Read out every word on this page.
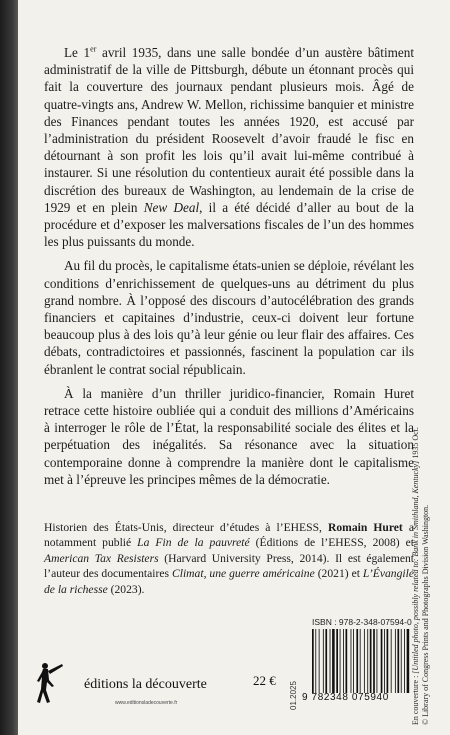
Le 1er avril 1935, dans une salle bondée d’un austère bâtiment administratif de la ville de Pittsburgh, débute un étonnant procès qui fait la couverture des journaux pendant plusieurs mois. Âgé de quatre-vingts ans, Andrew W. Mellon, richissime banquier et ministre des Finances pendant toutes les années 1920, est accusé par l’administration du président Roosevelt d’avoir fraudé le fisc en détournant à son profit les lois qu’il avait lui-même contribué à instaurer. Si une résolution du contentieux aurait été possible dans la discrétion des bureaux de Washington, au lendemain de la crise de 1929 et en plein New Deal, il a été décidé d’aller au bout de la procédure et d’exposer les malversations fiscales de l’un des hommes les plus puissants du monde.

Au fil du procès, le capitalisme états-unien se déploie, révélant les conditions d’enrichissement de quelques-uns au détriment du plus grand nombre. À l’opposé des discours d’autocélébration des grands financiers et capitaines d’industrie, ceux-ci doivent leur fortune beaucoup plus à des lois qu’à leur génie ou leur flair des affaires. Ces débats, contradictoires et passionnés, fascinent la population car ils ébranlent le contrat social républicain.

À la manière d’un thriller juridico-financier, Romain Huret retrace cette histoire oubliée qui a conduit des millions d’Américains à interroger le rôle de l’État, la responsabilité sociale des élites et la perpétuation des inégalités. Sa résonance avec la situation contemporaine donne à comprendre la manière dont le capitalisme met à l’épreuve les principes mêmes de la démocratie.

Historien des États-Unis, directeur d’études à l’EHESS, Romain Huret a notamment publié La Fin de la pauvreté (Éditions de l’EHESS, 2008) et American Tax Resisters (Harvard University Press, 2014). Il est également l’auteur des documentaires Climat, une guerre américaine (2021) et L’Évangile de la richesse (2023).
En couverture : [Untitled photo, possibly related to: Bank in Smithland, Kentucky] 1935 Oct.
© Library of Congress Prints and Photographs Division Washington.
ISBN : 978-2-348-07594-0
9 782348 075940
01.2025
22 €
éditions la découverte
www.editionsladecouverte.fr
